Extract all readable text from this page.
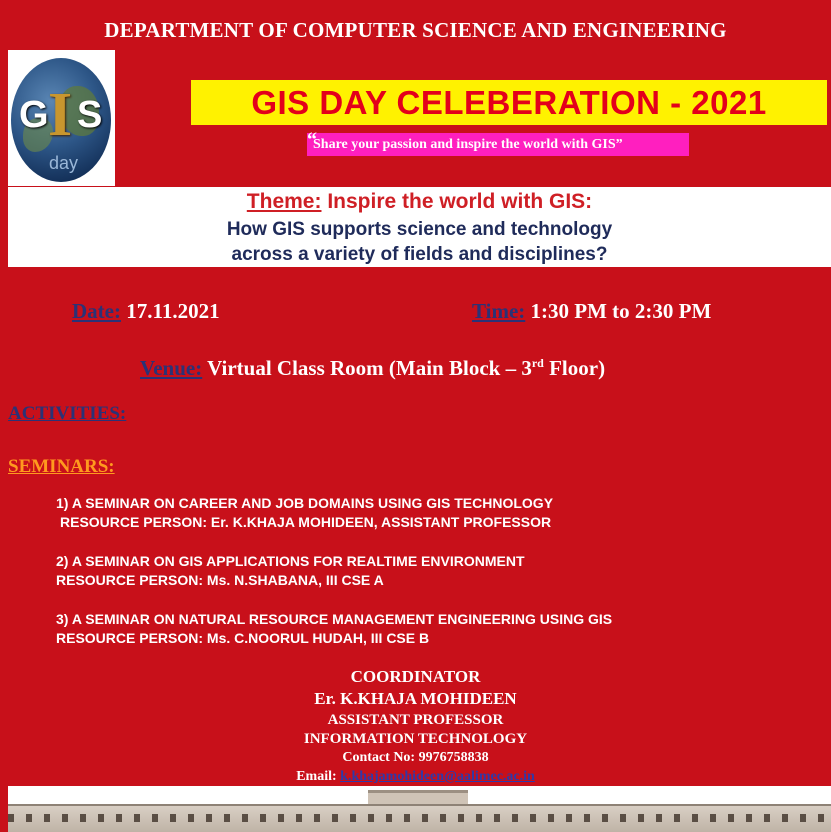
DEPARTMENT OF COMPUTER SCIENCE AND ENGINEERING
G I S
day
GIS DAY CELEBERATION - 2021
“
Share your passion and inspire the world with GIS”
Theme: Inspire the world with GIS:
How GIS supports science and technology
across a variety of fields and disciplines?
Date: 17.11.2021	Time: 1:30 PM to 2:30 PM
Venue: Virtual Class Room (Main Block – 3rd Floor)
ACTIVITIES:
SEMINARS:
1) A SEMINAR ON CAREER AND JOB DOMAINS USING GIS TECHNOLOGY
RESOURCE PERSON: Er. K.KHAJA MOHIDEEN, ASSISTANT PROFESSOR
2) A SEMINAR ON GIS APPLICATIONS FOR REALTIME ENVIRONMENT
RESOURCE PERSON: Ms. N.SHABANA, III CSE A
3) A SEMINAR ON NATURAL RESOURCE MANAGEMENT ENGINEERING USING GIS
RESOURCE PERSON: Ms. C.NOORUL HUDAH, III CSE B
COORDINATOR
Er. K.KHAJA MOHIDEEN
ASSISTANT PROFESSOR
INFORMATION TECHNOLOGY
Contact No: 9976758838
Email: k.khajamohideen@aalimec.ac.in
